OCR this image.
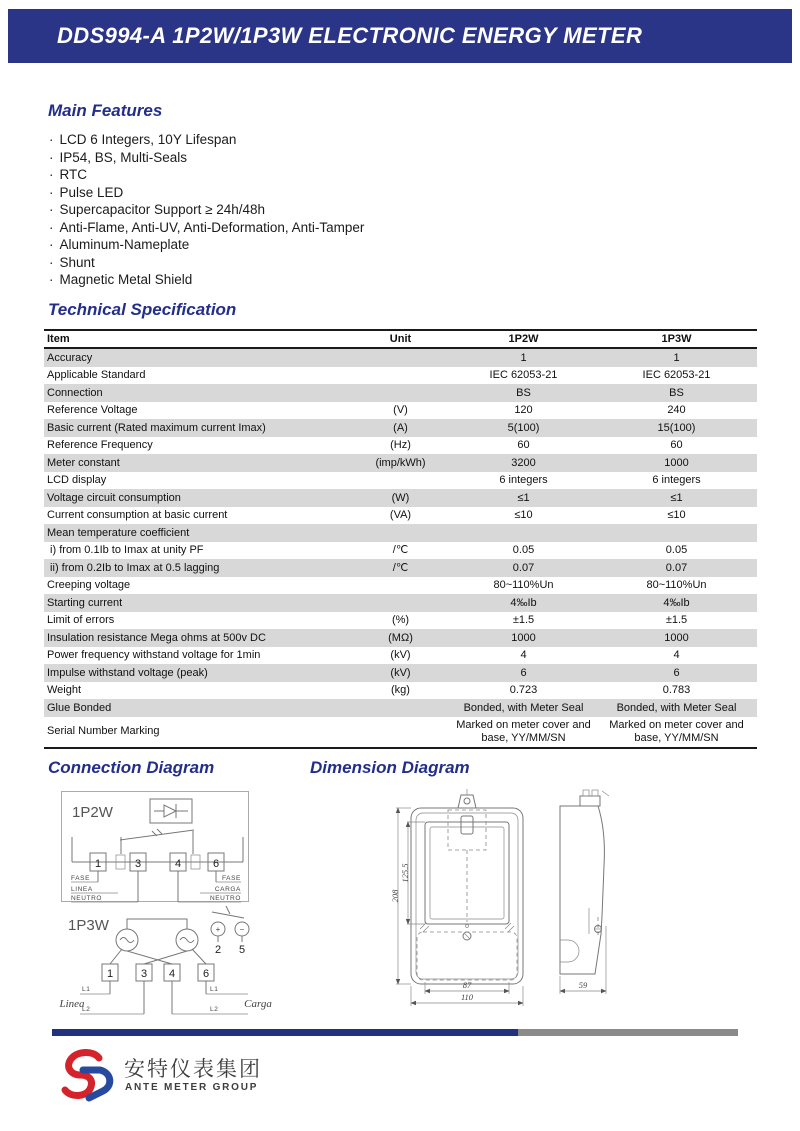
DDS994-A 1P2W/1P3W ELECTRONIC ENERGY METER
Main Features
· LCD 6 Integers, 10Y Lifespan
· IP54, BS, Multi-Seals
· RTC
· Pulse LED
· Supercapacitor Support ≥ 24h/48h
· Anti-Flame, Anti-UV, Anti-Deformation, Anti-Tamper
· Aluminum-Nameplate
· Shunt
· Magnetic Metal Shield
Technical Specification
Item	Unit	1P2W	1P3W
Accuracy		1	1
Applicable Standard		IEC 62053-21	IEC 62053-21
Connection		BS	BS
Reference Voltage	(V)	120	240
Basic current (Rated maximum current Imax)	(A)	5(100)	15(100)
Reference Frequency	(Hz)	60	60
Meter constant	(imp/kWh)	3200	1000
LCD display		6 integers	6 integers
Voltage circuit consumption	(W)	≤1	≤1
Current consumption at basic current	(VA)	≤10	≤10
Mean temperature coefficient			
i) from 0.1Ib to Imax at unity PF	/℃	0.05	0.05
ii) from 0.2Ib to Imax at 0.5 lagging	/℃	0.07	0.07
Creeping voltage		80~110%Un	80~110%Un
Starting current		4‰Ib	4‰Ib
Limit of errors	(%)	±1.5	±1.5
Insulation resistance Mega ohms at 500v DC	(MΩ)	1000	1000
Power frequency withstand voltage for 1min	(kV)	4	4
Impulse withstand voltage (peak)	(kV)	6	6
Weight	(kg)	0.723	0.783
Glue Bonded		Bonded, with Meter Seal	Bonded, with Meter Seal
Serial Number Marking		Marked on meter cover and base, YY/MM/SN	Marked on meter cover and base, YY/MM/SN
Connection Diagram	Dimension Diagram
1P2W
1	3	4	6
FASE
LINEA
NEUTRO
FASE
CARGA
NEUTRO
1P3W
1	3 4	6
+ −
2 5
L1
L2
Linea
L1
L2 Carga
208
125.5
87
110
59
安特仪表集团
ANTE METER GROUP
